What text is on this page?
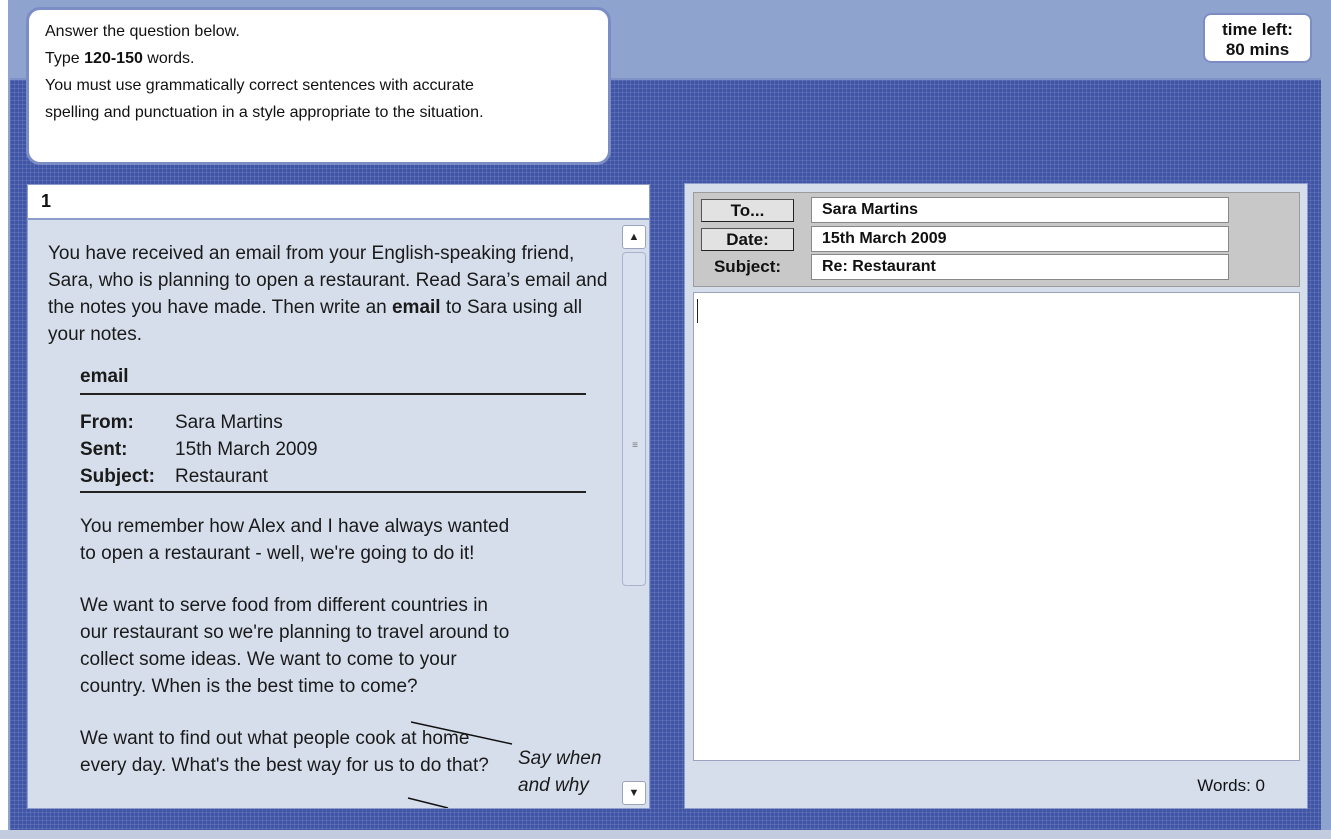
Answer the question below.

Type 120-150 words.

You must use grammatically correct sentences with accurate

spelling and punctuation in a style appropriate to the situation.

time left:
80 mins
1
You have received an email from your English-speaking friend, Sara, who is planning to open a restaurant. Read Sara’s email and the notes you have made. Then write an email to Sara using all your notes.
email
From:	Sara Martins
Sent:	15th March 2009
Subject:	Restaurant
You remember how Alex and I have always wanted to open a restaurant - well, we're going to do it!
We want to serve food from different countries in our restaurant so we're planning to travel around to collect some ideas. We want to come to your country. When is the best time to come?
We want to find out what people cook at home every day. What's the best way for us to do that?	Say when
and why
▲
≡
▼
To...	Sara Martins
Date:	15th March 2009
Subject:	Re: Restaurant
Words: 0
